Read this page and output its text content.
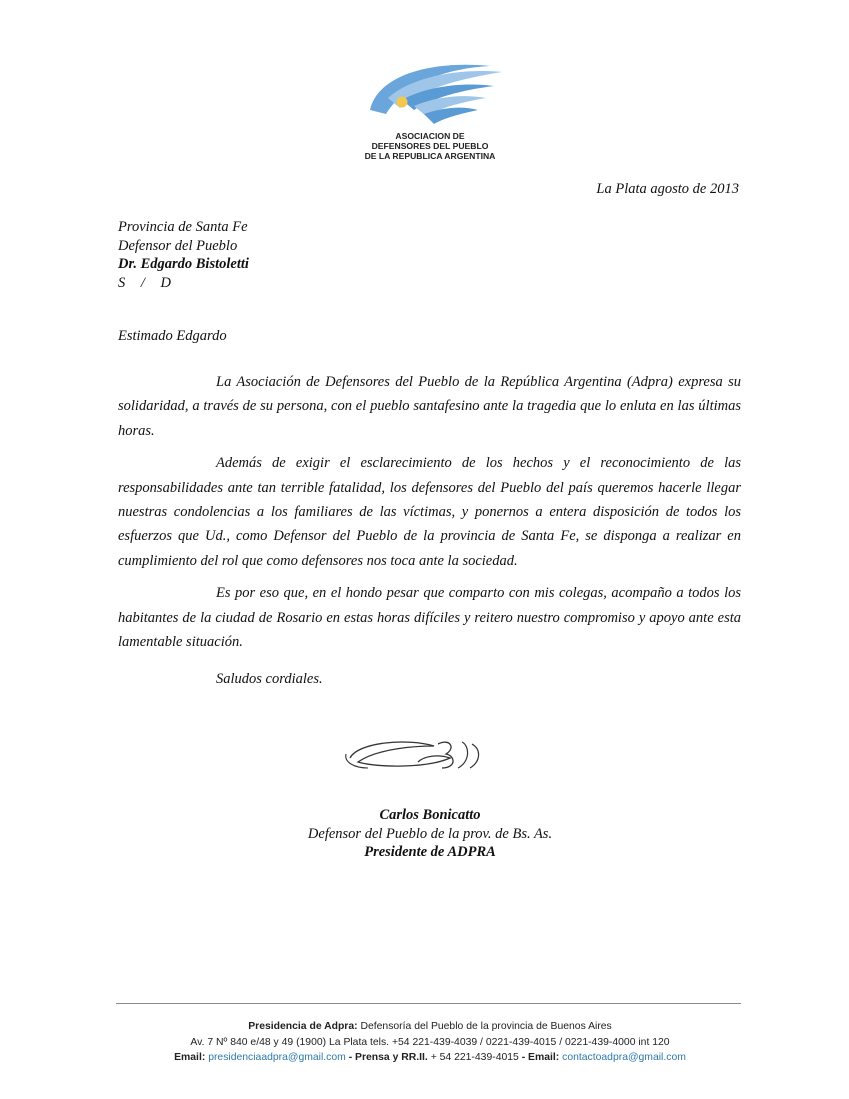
ASOCIACION DE
DEFENSORES DEL PUEBLO
DE LA REPUBLICA ARGENTINA
La Plata agosto de 2013
Provincia de Santa Fe
Defensor del Pueblo
Dr. Edgardo Bistoletti
S / D
Estimado Edgardo

La Asociación de Defensores del Pueblo de la República Argentina (Adpra) expresa su solidaridad, a través de su persona, con el pueblo santafesino ante la tragedia que lo enluta en las últimas horas.

Además de exigir el esclarecimiento de los hechos y el reconocimiento de las responsabilidades ante tan terrible fatalidad, los defensores del Pueblo del país queremos hacerle llegar nuestras condolencias a los familiares de las víctimas, y ponernos a entera disposición de todos los esfuerzos que Ud., como Defensor del Pueblo de la provincia de Santa Fe, se disponga a realizar en cumplimiento del rol que como defensores nos toca ante la sociedad.

Es por eso que, en el hondo pesar que comparto con mis colegas, acompaño a todos los habitantes de la ciudad de Rosario en estas horas difíciles y reitero nuestro compromiso y apoyo ante esta lamentable situación.

Saludos cordiales.
Carlos Bonicatto
Defensor del Pueblo de la prov. de Bs. As.
Presidente de ADPRA
Presidencia de Adpra: Defensoría del Pueblo de la provincia de Buenos Aires
Av. 7 Nº 840 e/48 y 49 (1900) La Plata tels. +54 221-439-4039 / 0221-439-4015 / 0221-439-4000 int 120
Email: presidenciaadpra@gmail.com - Prensa y RR.II. + 54 221-439-4015 - Email: contactoadpra@gmail.com
